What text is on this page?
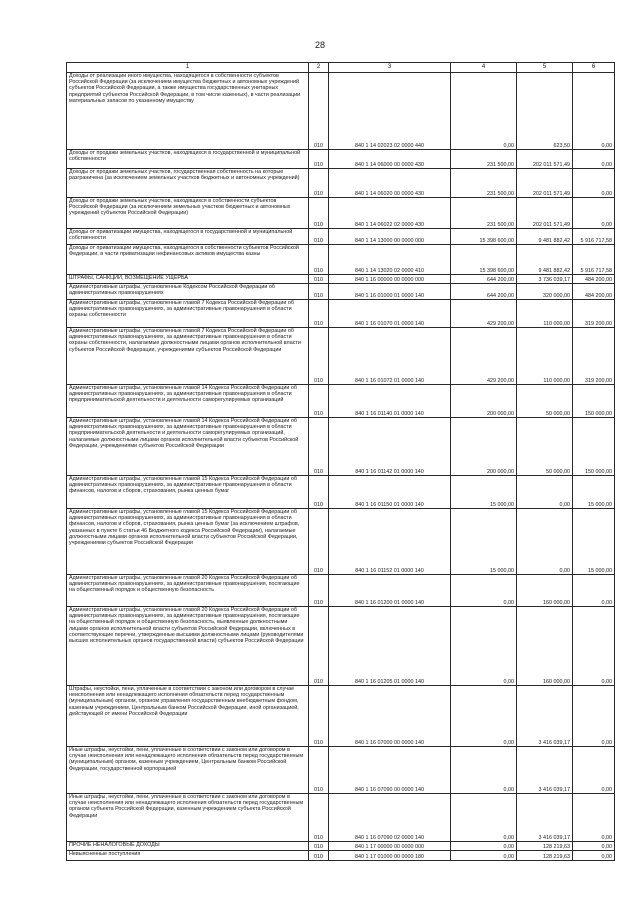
28
1	2	3	4	5	6
Доходы от реализации иного имущества, находящегося в собственности субъектов Российской Федерации (за исключением имущества бюджетных и автономных учреждений субъектов Российской Федерации, а также имущества государственных унитарных предприятий субъектов Российской Федерации, в том числе казенных), в части реализации материальных запасов по указанному имуществу	010	840 1 14 02023 02 0000 440	0,00	623,50	0,00
Доходы от продажи земельных участков, находящихся в государственной и муниципальной собственности	010	840 1 14 06000 00 0000 430	231 500,00	202 011 571,49	0,00
Доходы от продажи земельных участков, государственная собственность на которые разграничена (за исключением земельных участков бюджетных и автономных учреждений)	010	840 1 14 06020 00 0000 430	231 500,00	202 011 571,49	0,00
Доходы от продажи земельных участков, находящихся в собственности субъектов Российской Федерации (за исключением земельных участков бюджетных и автономных учреждений субъектов Российской Федерации)	010	840 1 14 06022 02 0000 430	231 500,00	202 011 571,49	0,00
Доходы от приватизации имущества, находящегося в государственной и муниципальной собственности	010	840 1 14 13000 00 0000 000	15 398 600,00	9 481 882,42	5 916 717,58
Доходы от приватизации имущества, находящегося в собственности субъектов Российской Федерации, в части приватизации нефинансовых активов имущества казны	010	840 1 14 13020 02 0000 410	15 398 600,00	9 481 882,42	5 916 717,58
ШТРАФЫ, САНКЦИИ, ВОЗМЕЩЕНИЕ УЩЕРБА	010	840 1 16 00000 00 0000 000	644 200,00	3 736 039,17	484 200,00
Административные штрафы, установленные Кодексом Российской Федерации об административных правонарушениях	010	840 1 16 01000 01 0000 140	644 200,00	320 000,00	484 200,00
Административные штрафы, установленные главой 7 Кодекса Российской Федерации об административных правонарушениях, за административные правонарушения в области охраны собственности	010	840 1 16 01070 01 0000 140	429 200,00	110 000,00	319 200,00
Административные штрафы, установленные главой 7 Кодекса Российской Федерации об административных правонарушениях, за административные правонарушения в области охраны собственности, налагаемые должностными лицами органов исполнительной власти субъектов Российской Федерации, учреждениями субъектов Российской Федерации	010	840 1 16 01072 01 0000 140	429 200,00	110 000,00	319 200,00
Административные штрафы, установленные главой 14 Кодекса Российской Федерации об административных правонарушениях, за административные правонарушения в области предпринимательской деятельности и деятельности саморегулируемых организаций	010	840 1 16 01140 01 0000 140	200 000,00	50 000,00	150 000,00
Административные штрафы, установленные главой 14 Кодекса Российской Федерации об административных правонарушениях, за административные правонарушения в области предпринимательской деятельности и деятельности саморегулируемых организаций, налагаемые должностными лицами органов исполнительной власти субъектов Российской Федерации, учреждениями субъектов Российской Федерации	010	840 1 16 01142 01 0000 140	200 000,00	50 000,00	150 000,00
Административные штрафы, установленные главой 15 Кодекса Российской Федерации об административных правонарушениях, за административные правонарушения в области финансов, налогов и сборов, страхования, рынка ценных бумаг	010	840 1 16 01150 01 0000 140	15 000,00	0,00	15 000,00
Административные штрафы, установленные главой 15 Кодекса Российской Федерации об административных правонарушениях, за административные правонарушения в области финансов, налогов и сборов, страхования, рынка ценных бумаг (за исключением штрафов, указанных в пункте 6 статьи 46 Бюджетного кодекса Российской Федерации), налагаемые должностными лицами органов исполнительной власти субъектов Российской Федерации, учреждениями субъектов Российской Федерации	010	840 1 16 01152 01 0000 140	15 000,00	0,00	15 000,00
Административные штрафы, установленные главой 20 Кодекса Российской Федерации об административных правонарушениях, за административные правонарушения, посягающие на общественный порядок и общественную безопасность	010	840 1 16 01200 01 0000 140	0,00	160 000,00	0,00
Административные штрафы, установленные главой 20 Кодекса Российской Федерации об административных правонарушениях, за административные правонарушения, посягающие на общественный порядок и общественную безопасность, выявленные должностными лицами органов исполнительной власти субъектов Российской Федерации, включенных в соответствующие перечни, утвержденные высшими должностными лицами (руководителями высших исполнительных органов государственной власти) субъектов Российской Федерации	010	840 1 16 01205 01 0000 140	0,00	160 000,00	0,00
Штрафы, неустойки, пени, уплаченные в соответствии с законом или договором в случае неисполнения или ненадлежащего исполнения обязательств перед государственным (муниципальным) органом, органом управления государственным внебюджетным фондом, казенным учреждением, Центральным банком Российской Федерации, иной организацией, действующей от имени Российской Федерации	010	840 1 16 07000 00 0000 140	0,00	3 416 039,17	0,00
Иные штрафы, неустойки, пени, уплаченные в соответствии с законом или договором в случае неисполнения или ненадлежащего исполнения обязательств перед государственным (муниципальным) органом, казенным учреждением, Центральным банком Российской Федерации, государственной корпорацией	010	840 1 16 07090 00 0000 140	0,00	3 416 039,17	0,00
Иные штрафы, неустойки, пени, уплаченные в соответствии с законом или договором в случае неисполнения или ненадлежащего исполнения обязательств перед государственным органом субъекта Российской Федерации, казенным учреждением субъекта Российской Федерации	010	840 1 16 07090 02 0000 140	0,00	3 416 039,17	0,00
ПРОЧИЕ НЕНАЛОГОВЫЕ ДОХОДЫ	010	840 1 17 00000 00 0000 000	0,00	128 219,63	0,00
Невыясненные поступления	010	840 1 17 01000 00 0000 180	0,00	128 219,63	0,00
